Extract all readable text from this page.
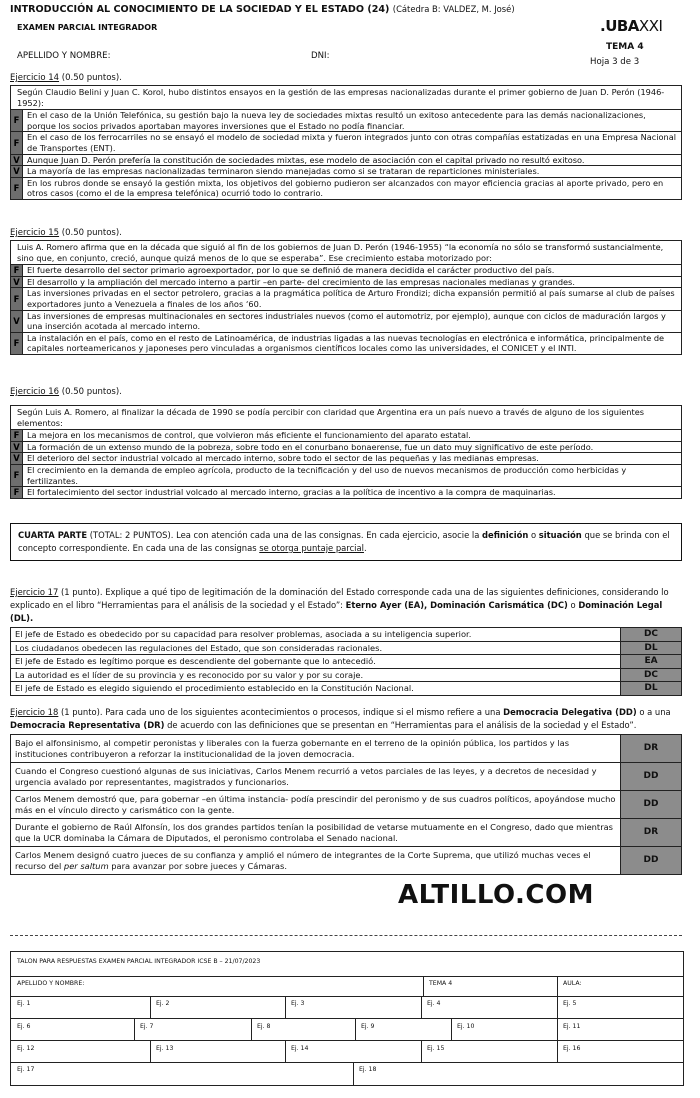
INTRODUCCIÓN AL CONOCIMIENTO DE LA SOCIEDAD Y EL ESTADO (24) (Cátedra B: VALDEZ, M. José)
EXAMEN PARCIAL INTEGRADOR	.UBAXXI
TEMA 4
Hoja 3 de 3
APELLIDO Y NOMBRE:	DNI:
Ejercicio 14 (0.50 puntos).
Según Claudio Belini y Juan C. Korol, hubo distintos ensayos en la gestión de las empresas nacionalizadas durante el primer gobierno de Juan D. Perón (1946-1952):	
F	En el caso de la Unión Telefónica, su gestión bajo la nueva ley de sociedades mixtas resultó un exitoso antecedente para las demás nacionalizaciones, porque los socios privados aportaban mayores inversiones que el Estado no podía financiar.
F	En el caso de los ferrocarriles no se ensayó el modelo de sociedad mixta y fueron integrados junto con otras compañías estatizadas en una Empresa Nacional de Transportes (ENT).
V	Aunque Juan D. Perón prefería la constitución de sociedades mixtas, ese modelo de asociación con el capital privado no resultó exitoso.
V	La mayoría de las empresas nacionalizadas terminaron siendo manejadas como si se trataran de reparticiones ministeriales.
F	En los rubros donde se ensayó la gestión mixta, los objetivos del gobierno pudieron ser alcanzados con mayor eficiencia gracias al aporte privado, pero en otros casos (como el de la empresa telefónica) ocurrió todo lo contrario.
Ejercicio 15 (0.50 puntos).
Luis A. Romero afirma que en la década que siguió al fin de los gobiernos de Juan D. Perón (1946-1955) “la economía no sólo se transformó sustancialmente, sino que, en conjunto, creció, aunque quizá menos de lo que se esperaba”. Ese crecimiento estaba motorizado por:	
F	El fuerte desarrollo del sector primario agroexportador, por lo que se definió de manera decidida el carácter productivo del país.
V	El desarrollo y la ampliación del mercado interno a partir –en parte- del crecimiento de las empresas nacionales medianas y grandes.
F	Las inversiones privadas en el sector petrolero, gracias a la pragmática política de Arturo Frondizi; dicha expansión permitió al país sumarse al club de países exportadores junto a Venezuela a finales de los años ‘60.
V	Las inversiones de empresas multinacionales en sectores industriales nuevos (como el automotriz, por ejemplo), aunque con ciclos de maduración largos y una inserción acotada al mercado interno.
F	La instalación en el país, como en el resto de Latinoamérica, de industrias ligadas a las nuevas tecnologías en electrónica e informática, principalmente de capitales norteamericanos y japoneses pero vinculadas a organismos científicos locales como las universidades, el CONICET y el INTI.
Ejercicio 16 (0.50 puntos).
Según Luis A. Romero, al finalizar la década de 1990 se podía percibir con claridad que Argentina era un país nuevo a través de alguno de los siguientes elementos:	
F	La mejora en los mecanismos de control, que volvieron más eficiente el funcionamiento del aparato estatal.
V	La formación de un extenso mundo de la pobreza, sobre todo en el conurbano bonaerense, fue un dato muy significativo de este período.
V	El deterioro del sector industrial volcado al mercado interno, sobre todo el sector de las pequeñas y las medianas empresas.
F	El crecimiento en la demanda de empleo agrícola, producto de la tecnificación y del uso de nuevos mecanismos de producción como herbicidas y fertilizantes.
F	El fortalecimiento del sector industrial volcado al mercado interno, gracias a la política de incentivo a la compra de maquinarias.
CUARTA PARTE (TOTAL: 2 PUNTOS). Lea con atención cada una de las consignas. En cada ejercicio, asocie la definición o situación que se brinda con el concepto correspondiente. En cada una de las consignas se otorga puntaje parcial.
Ejercicio 17 (1 punto). Explique a qué tipo de legitimación de la dominación del Estado corresponde cada una de las siguientes definiciones, considerando lo explicado en el libro “Herramientas para el análisis de la sociedad y el Estado”: Eterno Ayer (EA), Dominación Carismática (DC) o Dominación Legal (DL).
El jefe de Estado es obedecido por su capacidad para resolver problemas, asociada a su inteligencia superior.	DC
Los ciudadanos obedecen las regulaciones del Estado, que son consideradas racionales.	DL
El jefe de Estado es legítimo porque es descendiente del gobernante que lo antecedió.	EA
La autoridad es el líder de su provincia y es reconocido por su valor y por su coraje.	DC
El jefe de Estado es elegido siguiendo el procedimiento establecido en la Constitución Nacional.	DL
Ejercicio 18 (1 punto). Para cada uno de los siguientes acontecimientos o procesos, indique si el mismo refiere a una Democracia Delegativa (DD) o a una Democracia Representativa (DR) de acuerdo con las definiciones que se presentan en “Herramientas para el análisis de la sociedad y el Estado”.
Bajo el alfonsinismo, al competir peronistas y liberales con la fuerza gobernante en el terreno de la opinión pública, los partidos y las instituciones contribuyeron a reforzar la institucionalidad de la joven democracia.	DR
Cuando el Congreso cuestionó algunas de sus iniciativas, Carlos Menem recurrió a vetos parciales de las leyes, y a decretos de necesidad y urgencia avalado por representantes, magistrados y funcionarios.	DD
Carlos Menem demostró que, para gobernar –en última instancia- podía prescindir del peronismo y de sus cuadros políticos, apoyándose mucho más en el vínculo directo y carismático con la gente.	DD
Durante el gobierno de Raúl Alfonsín, los dos grandes partidos tenían la posibilidad de vetarse mutuamente en el Congreso, dado que mientras que la UCR dominaba la Cámara de Diputados, el peronismo controlaba el Senado nacional.	DR
Carlos Menem designó cuatro jueces de su confianza y amplió el número de integrantes de la Corte Suprema, que utilizó muchas veces el recurso del per saltum para avanzar por sobre jueces y Cámaras.	DD
ALTILLO.COM
TALON PARA RESPUESTAS EXAMEN PARCIAL INTEGRADOR ICSE B – 21/07/2023
APELLIDO Y NOMBRE:	TEMA 4	AULA:
Ej. 1	Ej. 2	Ej. 3	Ej. 4	Ej. 5
Ej. 6	Ej. 7	Ej. 8	Ej. 9	Ej. 10	Ej. 11
Ej. 12	Ej. 13	Ej. 14	Ej. 15	Ej. 16
Ej. 17	Ej. 18
